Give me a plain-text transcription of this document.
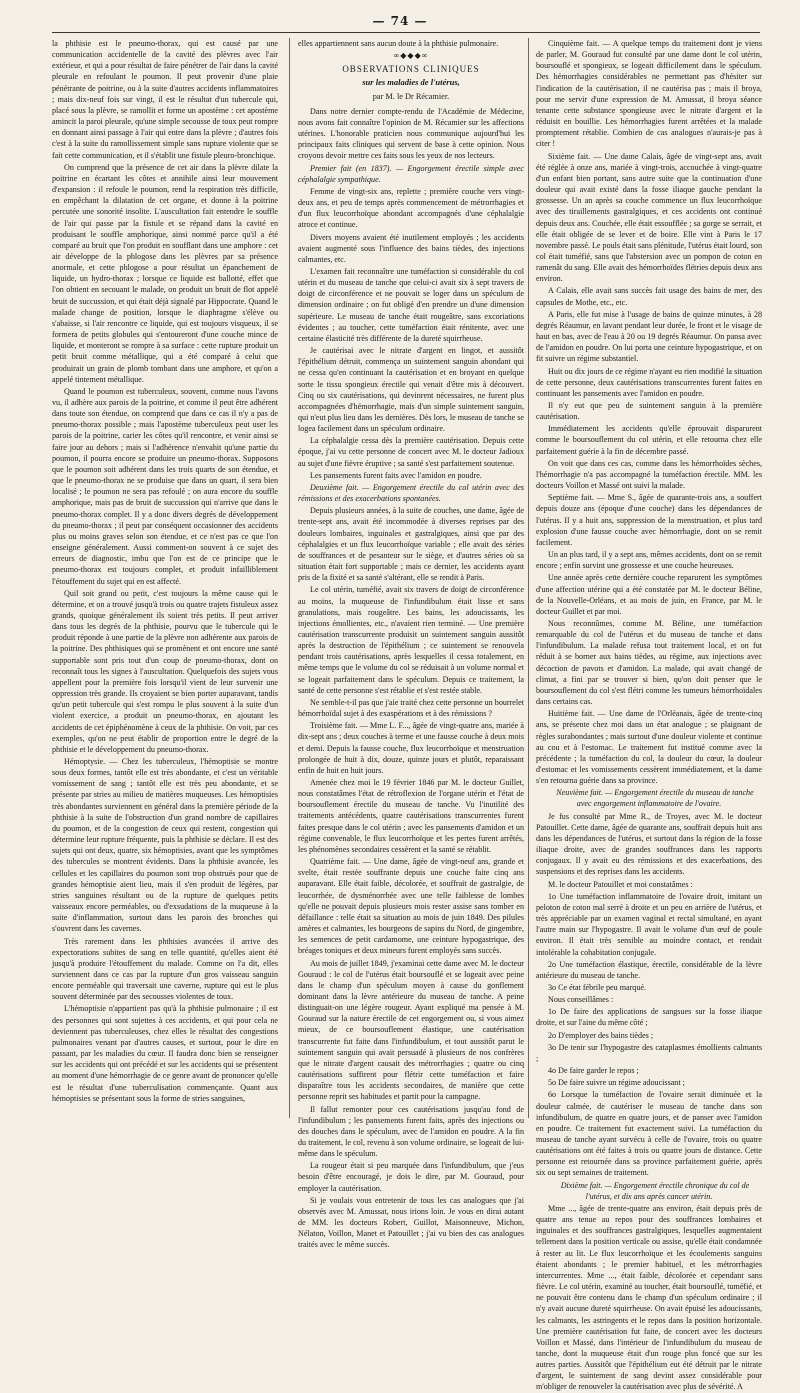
— 74 —

la phthisie est le pneumo-thorax, qui est causé par une communication accidentelle de la cavité des plèvres avec l'air extérieur, et qui a pour résultat de faire pénétrer de l'air dans la cavité pleurale en refoulant le poumon. Il peut provenir d'une plaie pénétrante de poitrine, ou à la suite d'autres accidents inflammatoires ; mais dix-neuf fois sur vingt, il est le résultat d'un tubercule qui, placé sous la plèvre, se ramollit et forme un apostème : cet apostème amincit la paroi pleurale, qu'une simple secousse de toux peut rompre en donnant ainsi passage à l'air qui entre dans la plèvre ; d'autres fois c'est à la suite du ramollissement simple sans rupture violente que se fait cette communication, et il s'établit une fistule pleuro-bronchique.

On comprend que la présence de cet air dans la plèvre dilate la poitrine en écartant les côtes et annihile ainsi leur mouvement d'expansion : il refoule le poumon, rend la respiration très difficile, en empêchant la dilatation de cet organe, et donne à la poitrine percutée une sonorité insolite. L'auscultation fait entendre le souffle de l'air qui passe par la fistule et se répand dans la cavité en produisant le souffle amphorique, ainsi nommé parce qu'il a été comparé au bruit que l'on produit en soufflant dans une amphore : cet air développe de la phlogose dans les plèvres par sa présence anormale, et cette phlogose a pour résultat un épanchement de liquide, un hydro-thorax ; lorsque ce liquide est ballotté, effet que l'on obtient en secouant le malade, on produit un bruit de flot appelé bruit de succussion, et qui était déjà signalé par Hippocrate. Quand le malade change de position, lorsque le diaphragme s'élève ou s'abaisse, si l'air rencontre ce liquide, qui est toujours visqueux, il se formera de petits globules qui s'entoureront d'une couche mince de liquide, et monteront se rompre à sa surface : cette rupture produit un petit bruit comme métallique, qui a été comparé à celui que produirait un grain de plomb tombant dans une amphore, et qu'on a appelé tintement métallique.

Quand le poumon est tuberculeux, souvent, comme nous l'avons vu, il adhère aux parois de la poitrine, et comme il peut être adhérent dans toute son étendue, on comprend que dans ce cas il n'y a pas de pneumo-thorax possible ; mais l'apostème tuberculeux peut user les parois de la poitrine, carier les côtes qu'il rencontre, et venir ainsi se faire jour au dehors ; mais si l'adhérence n'envahit qu'une partie du poumon, il pourra encore se produire un pneumo-thorax. Supposons que le poumon soit adhérent dans les trois quarts de son étendue, et que le pneumo-thorax ne se produise que dans un quart, il sera bien localisé ; le poumon ne sera pas refoulé ; on aura encore du souffle amphorique, mais pas de bruit de succussion qui n'arrive que dans le pneumo-thorax complet. Il y a donc divers degrés de développement du pneumo-thorax ; il peut par conséquent occasionner des accidents plus ou moins graves selon son étendue, et ce n'est pas ce que l'on enseigne généralement. Aussi comment-on souvent à ce sujet des erreurs de diagnostic, imbu que l'on est de ce principe que le pneumo-thorax est toujours complet, et produit infailliblement l'étouffement du sujet qui en est affecté.

Quil soit grand ou petit, c'est toujours la même cause qui le détermine, et on a trouvé jusqu'à trois ou quatre trajets fistuleux assez grands, quoique généralement ils soient très petits. Il peut arriver dans tous les degrés de la phthisie, pourvu que le tubercule qui le produit réponde à une partie de la plèvre non adhérente aux parois de la poitrine. Des phthisiques qui se promènent et ont encore une santé supportable sont pris tout d'un coup de pneumo-thorax, dont on reconnaît tous les signes à l'auscultation. Quelquefois des sujets vous appellent pour la première fois lorsqu'il vient de leur survenir une oppression très grande. Ils croyaient se bien porter auparavant, tandis qu'un petit tubercule qui s'est rompu le plus souvent à la suite d'un violent exercice, a produit un pneumo-thorax, en ajoutant les accidents de cet épiphénomène à ceux de la phthisie. On voit, par ces exemples, qu'on ne peut établir de proportion entre le degré de la phthisie et le développement du pneumo-thorax.

Hémoptysie. — Chez les tuberculeux, l'hémoptisie se montre sous deux formes, tantôt elle est très abondante, et c'est un véritable vomissement de sang ; tantôt elle est très peu abondante, et se présente par stries au milieu de matières muqueuses. Les hémoptisies très abondantes surviennent en général dans la première période de la phthisie à la suite de l'obstruction d'un grand nombre de capillaires du poumon, et de la congestion de ceux qui restent, congestion qui détermine leur rupture fréquente, puis la phthisie se déclare. Il est des sujets qui ont deux, quatre, six hémoptisies, avant que les symptômes des tubercules se montrent évidents. Dans la phthisie avancée, les cellules et les capillaires du poumon sont trop obstrués pour que de grandes hémoptisie aient lieu, mais il s'en produit de légères, par stries sanguines résultant ou de la rupture de quelques petits vaisseaux encore perméables, ou d'exsudations de la muqueuse à la suite d'inflammation, surtout dans les parois des bronches qui s'ouvrent dans les cavernes.

Très rarement dans les phthisies avancées il arrive des expectorations subites de sang en telle quantité, qu'elles aient été jusqu'à produire l'étouffement du malade. Comme on l'a dit, elles surviennent dans ce cas par la rupture d'un gros vaisseau sanguin encore perméable qui traversait une caverne, rupture qui est le plus souvent déterminée par des secousses violentes de toux.

L'hémoptisie n'appartient pas qu'à la phthisie pulmonaire ; il est des personnes qui sont sujettes à ces accidents, et qui pour cela ne deviennent pas tuberculeuses, chez elles le résultat des congestions pulmonaires venant par d'autres causes, et surtout, pour le dire en passant, par les maladies du cœur. Il faudra donc bien se renseigner sur les accidents qui ont précédé et sur les accidents qui se présentent au moment d'une hémorrhagie de ce genre avant de prononcer qu'elle est le résultat d'une tuberculisation commençante. Quant aux hémoptisies se présentant sous la forme de stries sanguines,

elles appartiennent sans aucun doute à la phthisie pulmonaire.

∞◆◆◆∞

OBSERVATIONS CLINIQUES
sur les maladies de l'utérus,
par M. le Dr Récamier.

Dans notre dernier compte-rendu de l'Académie de Médecine, nous avons fait connaître l'opinion de M. Récamier sur les affections utérines. L'honorable praticien nous communique aujourd'hui les principaux faits cliniques qui servent de base à cette opinion. Nous croyons devoir mettre ces faits sous les yeux de nos lecteurs.

Premier fait (en 1837). — Engorgement érectile simple avec céphalalgie sympathique.

Femme de vingt-six ans, replette ; première couche vers vingt-deux ans, et peu de temps après commencement de métrorrhagies et d'un flux leucorrhoïque abondant accompagnés d'une céphalalgie atroce et continue.

Divers moyens avaient été inutilement employés ; les accidents avaient augmenté sous l'influence des bains tièdes, des injections calmantes, etc.

L'examen fait reconnaître une tuméfaction si considérable du col utérin et du museau de tanche que celui-ci avait six à sept travers de doigt de circonférence et ne pouvait se loger dans un spéculum de dimension ordinaire ; on fut obligé d'en prendre un d'une dimension supérieure. Le museau de tanche était rougeâtre, sans excoriations évidentes ; au toucher, cette tuméfaction était rénitente, avec une certaine élasticité très différente de la dureté squirrheuse.

Je cautérisai avec le nitrate d'argent en lingot, et aussitôt l'épithélium détruit, commença un suintement sanguin abondant qui ne cessa qu'en continuant la cautérisation et en broyant en quelque sorte le tissu spongieux érectile qui venait d'être mis à découvert. Cinq ou six cautérisations, qui devinrent nécessaires, ne furent plus accompagnées d'hémorrhagie, mais d'un simple suintement sanguin, qui n'eut plus lieu dans les dernières. Dès lors, le museau de tanche se logea facilement dans un spéculum ordinaire.

La céphalalgie cessa dès la première cautérisation. Depuis cette époque, j'ai vu cette personne de concert avec M. le docteur Jadioux au sujet d'une fièvre éruptive ; sa santé s'est parfaitement soutenue.

Les pansements furent faits avec l'amidon en poudre.

Deuxième fait. — Engorgement érectile du col utérin avec des rémissions et des exacerbations spontanées.

Depuis plusieurs années, à la suite de couches, une dame, âgée de trente-sept ans, avait été incommodée à diverses reprises par des douleurs lombaires, inguinales et gastralgiques, ainsi que par des céphalalgies et un flux leucorrhoïque variable ; elle avait des séries de souffrances et de pesanteur sur le siège, et d'autres séries où sa situation était fort supportable ; mais ce dernier, les accidents ayant pris de la fixité et sa santé s'altérant, elle se rendit à Paris.

Le col utérin, tuméfié, avait six travers de doigt de circonférence au moins, la muqueuse de l'infundibulum était lisse et sans granulations, mais rougeâtre. Les bains, les adoucissants, les injections émollientes, etc., n'avaient rien terminé. — Une première cautérisation transcurrente produisit un suintement sanguin aussitôt après la destruction de l'épithélium ; ce suintement se renouvela pendant trois cautérisations, après lesquelles il cessa totalement, en même temps que le volume du col se réduisait à un volume normal et se logeait parfaitement dans le spéculum. Depuis ce traitement, la santé de cette personne s'est rétablie et s'est restée stable.

Ne semble-t-il pas que j'aie traité chez cette personne un bourrelet hémorrhoïdal sujet à des exaspérations et à des rémissions ?

Troisième fait. — Mme L. F..., âgée de vingt-quatre ans, mariée à dix-sept ans ; deux couches à terme et une fausse couche à deux mois et demi. Depuis la fausse couche, flux leucorrhoïque et menstruation prolongée de huit à dix, douze, quinze jours et plutôt, reparaissant enfin de huit en huit jours.

Amenée chez moi le 19 février 1846 par M. le docteur Guillet, nous constatâmes l'état de rétroflexion de l'organe utérin et l'état de boursouflement érectile du museau de tanche. Vu l'inutilité des traitements antécédents, quatre cautérisations transcurrentes furent faites presque dans le col utérin ; avec les pansements d'amidon et un régime convenable, le flux leucorrhoïque et les pertes furent arrêtés, les phénomènes secondaires cessèrent et la santé se rétablit.

Quatrième fait. — Une dame, âgée de vingt-neuf ans, grande et svelte, était restée souffrante depuis une couche faite cinq ans auparavant. Elle était faible, décolorée, et souffrait de gastralgie, de leucorrhée, de dysménorrhée avec une telle faiblesse de lombes qu'elle ne pouvait depuis plusieurs mois rester assise sans tomber en défaillance : telle était sa situation au mois de juin 1849. Des pilules amères et calmantes, les bourgeons de sapins du Nord, de gingembre, les semences de petit cardamome, une ceinture hypogastrique, des bréages toniques et deux mineurs furent employés sans succès.

Au mois de juillet 1849, j'examinai cette dame avec M. le docteur Gouraud : le col de l'utérus était boursouflé et se logeait avec peine dans le champ d'un spéculum moyen à cause du gonflement dominant dans la lèvre antérieure du museau de tanche. A peine distinguait-on une légère rougeur. Ayant expliqué ma pensée à M. Gouraud sur la nature érectile de cet engorgement ou, si vous aimez mieux, de ce boursouflement élastique, une cautérisation transcurrente fut faite dans l'infundibulum, et tout aussitôt parut le suintement sanguin qui avait persuadé à plusieurs de nos confrères que le nitrate d'argent causait des métrorrhagies ; quatre ou cinq cautérisations suffirent pour flétrir cette tuméfaction et faire disparaître tous les accidents secondaires, de manière que cette personne reprit ses habitudes et partit pour la campagne.

Il fallut remonter pour ces cautérisations jusqu'au fond de l'infundibulum ; les pansements furent faits, après des injections ou des douches dans le spéculum, avec de l'amidon en poudre. A la fin du traitement, le col, revenu à son volume ordinaire, se logeait de lui-même dans le spéculum.

La rougeur était si peu marquée dans l'infundibulum, que j'eus besoin d'être encouragé, je dois le dire, par M. Gouraud, pour employer la cautérisation.

Si je voulais vous entretenir de tous les cas analogues que j'ai observés avec M. Amussat, nous irions loin. Je vous en dirai autant de MM. les docteurs Robert, Guillot, Maisonneuve, Michon, Nélaton, Voillon, Manet et Patouillet ; j'ai vu bien des cas analogues traités avec le même succès.

Cinquième fait. — A quelque temps du traitement dont je viens de parler, M. Gouraud fut consulté par une dame dont le col utérin, boursouflé et spongieux, se logeait difficilement dans le spéculum. Des hémorrhagies considérables ne permettant pas d'hésiter sur l'indication de la cautérisation, il ne cautérisa pas ; mais il broya, pour me servir d'une expression de M. Amussat, il broya séance tenante cette substance spongieuse avec le nitrate d'argent et la réduisit en bouillie. Les hémorrhagies furent arrêtées et la malade promptement rétablie. Combien de cas analogues n'aurais-je pas à citer !

Sixième fait. — Une dame Calais, âgée de vingt-sept ans, avait été réglée à onze ans, mariée à vingt-trois, accouchée à vingt-quatre d'un enfant bien portant, sans autre suite que la continuation d'une douleur qui avait existé dans la fosse iliaque gauche pendant la grossesse. Un an après sa couche commence un flux leucorrhoïque avec des tiraillements gastralgiques, et ces accidents ont continué depuis deux ans. Couchée, elle était essoufflée ; sa gorge se serrait, et elle était obligée de se lever et de boire. Elle vint à Paris le 17 novembre passé. Le pouls était sans plénitude, l'utérus était lourd, son col était tuméfié, sans que l'abstersion avec un pompon de coton en ramenât du sang. Elle avait des hémorrhoïdes flétries depuis deux ans environ.

A Calais, elle avait sans succès fait usage des bains de mer, des capsules de Mothe, etc., etc.

A Paris, elle fut mise à l'usage de bains de quinze minutes, à 28 degrés Réaumur, en lavant pendant leur durée, le front et le visage de haut en bas, avec de l'eau à 20 ou 19 degrés Réaumur. On pansa avec de l'amidon en poudre. On lui porta une ceinture hypogastrique, et on fit suivre un régime substantiel.

Huit ou dix jours de ce régime n'ayant eu rien modifié la situation de cette personne, deux cautérisations transcurrentes furent faites en continuant les pansements avec l'amidon en poudre.

Il n'y eut que peu de suintement sanguin à la première cautérisation.

Immédiatement les accidents qu'elle éprouvait disparurent comme le boursouflement du col utérin, et elle retourna chez elle parfaitement guérie à la fin de décembre passé.

On voit que dans ces cas, comme dans les hémorrhoïdes sèches, l'hémorrhagie n'a pas accompagné la tuméfaction érectile. MM. les docteurs Voillon et Massé ont suivi la malade.

Septième fait. — Mme S., âgée de quarante-trois ans, a souffert depuis douze ans (époque d'une couche) dans les dépendances de l'utérus. Il y a huit ans, suppression de la menstruation, et plus tard explosion d'une fausse couche avec hémorrhagie, dont on se remit facilement.

Un an plus tard, il y a sept ans, mêmes accidents, dont on se remit encore ; enfin survint une grossesse et une couche heureuses.

Une année après cette dernière couche reparurent les symptômes d'une affection utérine qui a été constatée par M. le docteur Béline, de la Nouvelle-Orléans, et au mois de juin, en France, par M. le docteur Guillet et par moi.

Nous reconnûmes, comme M. Béline, une tuméfaction remarquable du col de l'utérus et du museau de tanche et dans l'infundibulum. La malade refusa tout traitement local, et on fut réduit à se borner aux bains tièdes, au régime, aux injections avec décoction de pavots et d'amidon. La malade, qui avait changé de climat, a fini par se trouver si bien, qu'on doit penser que le boursouflement du col s'est flétri comme les tumeurs hémorrhoïdales dans certains cas.

Huitième fait. — Une dame de l'Orléanais, âgée de trente-cinq ans, se présente chez moi dans un état analogue ; se plaignant de règles surabondantes ; mais surtout d'une douleur violente et continue au cou et à l'estomac. Le traitement fut institué comme avec la précédente ; la tuméfaction du col, la douleur du cœur, la douleur d'estomac et les vomissements cessèrent immédiatement, et la dame s'en retourna guérie dans sa province.

Neuvième fait. — Engorgement érectile du museau de tanche avec engorgement inflammatoire de l'ovaire.

Je fus consulté par Mme R., de Troyes, avec M. le docteur Patouillet. Cette dame, âgée de quarante ans, souffrait depuis huit ans dans les dépendances de l'utérus, et surtout dans la région de la fosse iliaque droite, avec de grandes souffrances dans les rapports conjugaux. Il y avait eu des rémissions et des exacerbations, des suspensions et des reprises dans les accidents.

M. le docteur Patouillet et moi constatâmes :

1o Une tuméfaction inflammatoire de l'ovaire droit, imitant un peloton de coton mal serré à droite et un peu en arrière de l'utérus, et très appréciable par un examen vaginal et rectal simultané, en ayant l'autre main sur l'hypogastre. Il avait le volume d'un œuf de poule environ. Il était très sensible au moindre contact, et rendait intolérable la cohabitation conjugale.

2o Une tuméfaction élastique, érectile, considérable de la lèvre antérieure du museau de tanche.

3o Ce état fébrile peu marqué.

Nous conseillâmes :

1o De faire des applications de sangsues sur la fosse iliaque droite, et sur l'aine du même côté ;

2o D'employer des bains tièdes ;

3o De tenir sur l'hypogastre des cataplasmes émollients calmants ;

4o De faire garder le repos ;

5o De faire suivre un régime adoucissant ;

6o Lorsque la tuméfaction de l'ovaire serait diminuée et la douleur calmée, de cautériser le museau de tanche dans son infundibulum, de quatre en quatre jours, et de panser avec l'amidon en poudre. Ce traitement fut exactement suivi. La tuméfaction du museau de tanche ayant survécu à celle de l'ovaire, trois ou quatre cautérisations ont été faites à trois ou quatre jours de distance. Cette personne est retournée dans sa province parfaitement guérie, après six ou sept semaines de traitement.

Dixième fait. — Engorgement érectile chronique du col de l'utérus, et dix ans après cancer utérin.

Mme ..., âgée de trente-quatre ans environ, était depuis près de quatre ans tenue au repos pour des souffrances lombaires et inguinales et des souffrances gastralgiques, lesquelles augmentaient tellement dans la position verticale ou assise, qu'elle était condamnée à rester au lit. Le flux leucorrhoïque et les écoulements sanguins étaient abondants ; le premier habituel, et les métrorrhagies intercurrentes. Mme ..., était faible, décolorée et cependant sans fièvre. Le col utérin, examiné au toucher, était boursouflé, tuméfié, et ne pouvait être contenu dans le champ d'un spéculum ordinaire ; il n'y avait aucune dureté squirrheuse. On avait épuisé les adoucissants, les calmants, les astringents et le repos dans la position horizontale. Une première cautérisation fut faite, de concert avec les docteurs Voillon et Massé, dans l'intérieur de l'infundibulum du museau de tanche, dont la muqueuse était d'un rouge plus foncé que sur les autres parties. Aussitôt que l'épithélium eut été détruit par le nitrate d'argent, le suintement de sang devint assez considérable pour m'obliger de renouveler la cautérisation avec plus de sévérité. A
